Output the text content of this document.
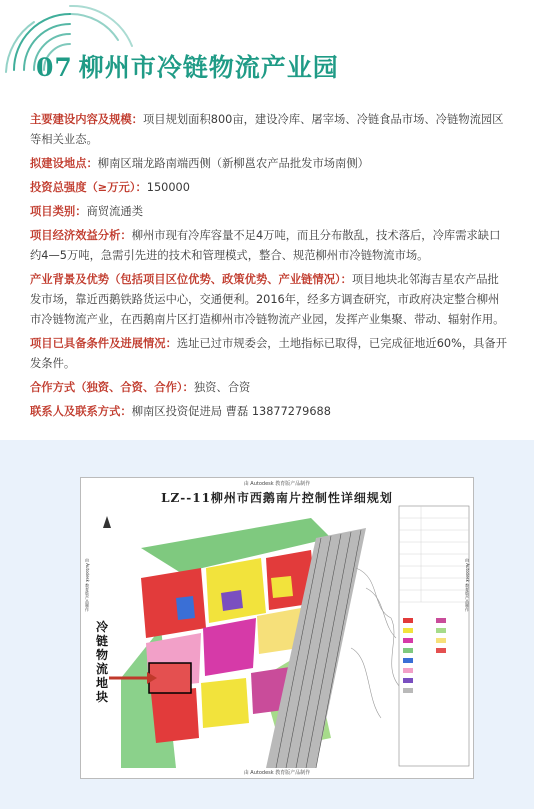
07 柳州市冷链物流产业园

主要建设内容及规模：项目规划面积800亩，建设冷库、屠宰场、冷链食品市场、冷链物流园区等相关业态。

拟建设地点：柳南区瑞龙路南端西侧（新柳邕农产品批发市场南侧）

投资总强度（≥万元）：150000

项目类别：商贸流通类

项目经济效益分析：柳州市现有冷库容量不足4万吨，而且分布散乱，技术落后，冷库需求缺口约4—5万吨，急需引先进的技术和管理模式，整合、规范柳州市冷链物流市场。

产业背景及优势（包括项目区位优势、政策优势、产业链情况）：项目地块北邻海吉星农产品批发市场，靠近西鹅铁路货运中心，交通便利。2016年，经多方调查研究，市政府决定整合柳州市冷链物流产业，在西鹅南片区打造柳州市冷链物流产业园，发挥产业集聚、带动、辐射作用。

项目已具备条件及进展情况：选址已过市规委会，土地指标已取得，已完成征地近60%，具备开发条件。

合作方式（独资、合资、合作）：独资、合资

联系人及联系方式：柳南区投资促进局 曹磊 13877279688

由 Autodesk 教育版产品制作
LZ--11柳州市西鹅南片控制性详细规划
由 Autodesk 教育版产品制作	由 Autodesk 教育版产品制作
由 Autodesk 教育版产品制作
冷链物流地块
